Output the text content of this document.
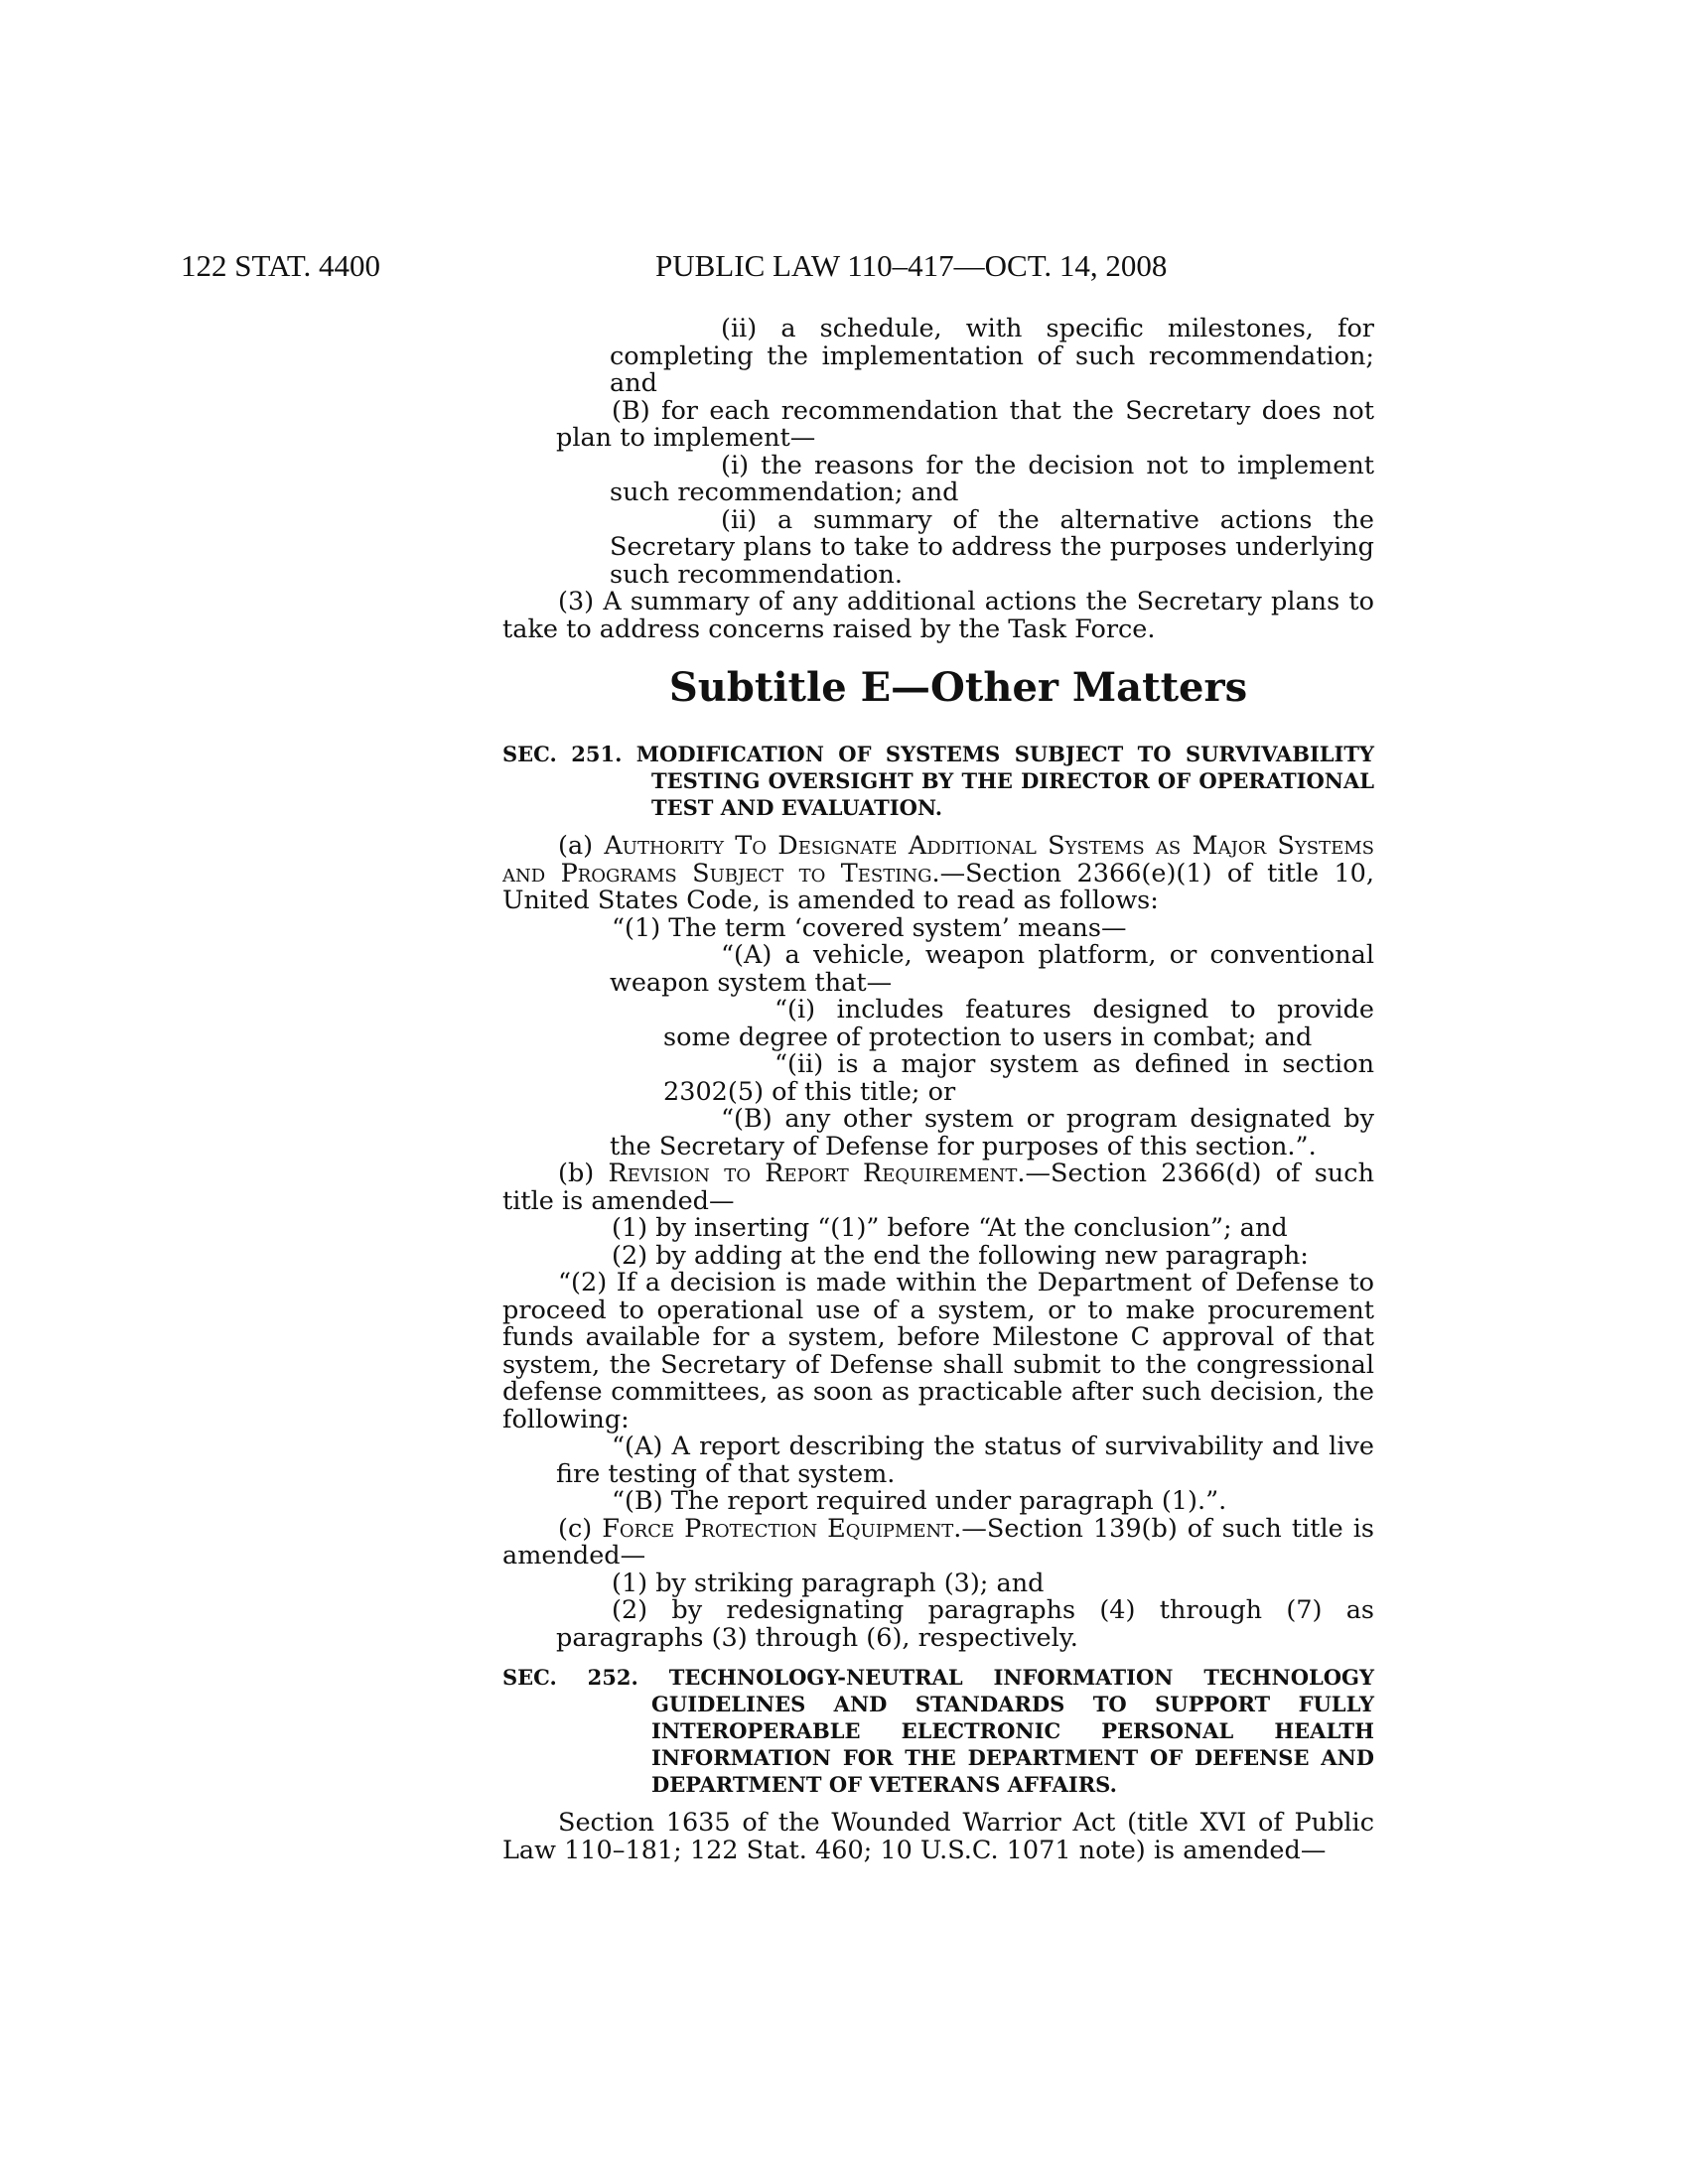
122 STAT. 4400	PUBLIC LAW 110–417—OCT. 14, 2008

(ii) a schedule, with specific milestones, for completing the implementation of such recommendation; and

(B) for each recommendation that the Secretary does not plan to implement—

(i) the reasons for the decision not to implement such recommendation; and

(ii) a summary of the alternative actions the Secretary plans to take to address the purposes underlying such recommendation.

(3) A summary of any additional actions the Secretary plans to take to address concerns raised by the Task Force.

Subtitle E—Other Matters

SEC. 251. MODIFICATION OF SYSTEMS SUBJECT TO SURVIVABILITY TESTING OVERSIGHT BY THE DIRECTOR OF OPERATIONAL TEST AND EVALUATION.

(a) Authority To Designate Additional Systems as Major Systems and Programs Subject to Testing.—Section 2366(e)(1) of title 10, United States Code, is amended to read as follows:

“(1) The term ‘covered system’ means—

“(A) a vehicle, weapon platform, or conventional weapon system that—

“(i) includes features designed to provide some degree of protection to users in combat; and

“(ii) is a major system as defined in section 2302(5) of this title; or

“(B) any other system or program designated by the Secretary of Defense for purposes of this section.”.

(b) Revision to Report Requirement.—Section 2366(d) of such title is amended—

(1) by inserting “(1)” before “At the conclusion”; and

(2) by adding at the end the following new paragraph:

“(2) If a decision is made within the Department of Defense to proceed to operational use of a system, or to make procurement funds available for a system, before Milestone C approval of that system, the Secretary of Defense shall submit to the congressional defense committees, as soon as practicable after such decision, the following:

“(A) A report describing the status of survivability and live fire testing of that system.

“(B) The report required under paragraph (1).”.

(c) Force Protection Equipment.—Section 139(b) of such title is amended—

(1) by striking paragraph (3); and

(2) by redesignating paragraphs (4) through (7) as paragraphs (3) through (6), respectively.

SEC. 252. TECHNOLOGY-NEUTRAL INFORMATION TECHNOLOGY GUIDELINES AND STANDARDS TO SUPPORT FULLY INTEROPERABLE ELECTRONIC PERSONAL HEALTH INFORMATION FOR THE DEPARTMENT OF DEFENSE AND DEPARTMENT OF VETERANS AFFAIRS.

Section 1635 of the Wounded Warrior Act (title XVI of Public Law 110–181; 122 Stat. 460; 10 U.S.C. 1071 note) is amended—
